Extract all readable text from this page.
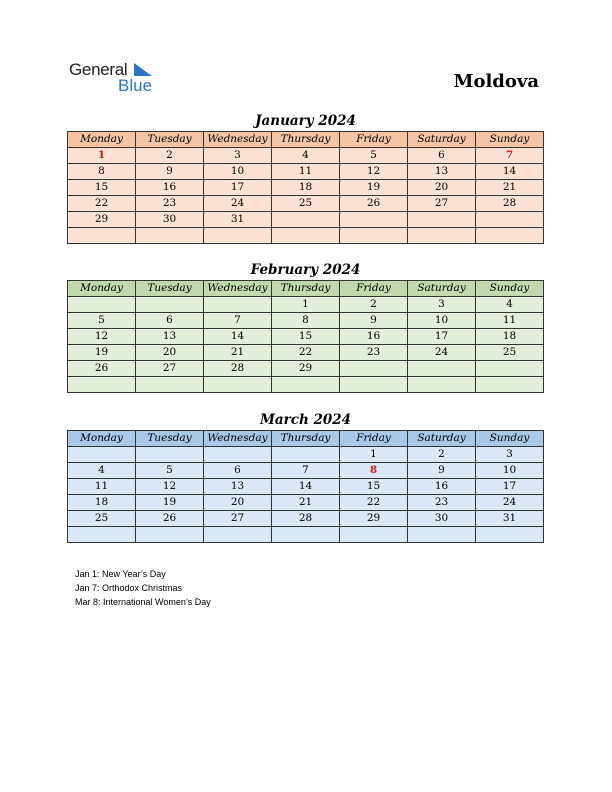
General
Blue	Moldova
January 2024
Monday	Tuesday	Wednesday	Thursday	Friday	Saturday	Sunday
1	2	3	4	5	6	7
8	9	10	11	12	13	14
15	16	17	18	19	20	21
22	23	24	25	26	27	28
29	30	31				

February 2024
Monday	Tuesday	Wednesday	Thursday	Friday	Saturday	Sunday
			1	2	3	4
5	6	7	8	9	10	11
12	13	14	15	16	17	18
19	20	21	22	23	24	25
26	27	28	29			

March 2024
Monday	Tuesday	Wednesday	Thursday	Friday	Saturday	Sunday
				1	2	3
4	5	6	7	8	9	10
11	12	13	14	15	16	17
18	19	20	21	22	23	24
25	26	27	28	29	30	31

Jan 1: New Year’s Day
Jan 7: Orthodox Christmas
Mar 8: International Women’s Day
